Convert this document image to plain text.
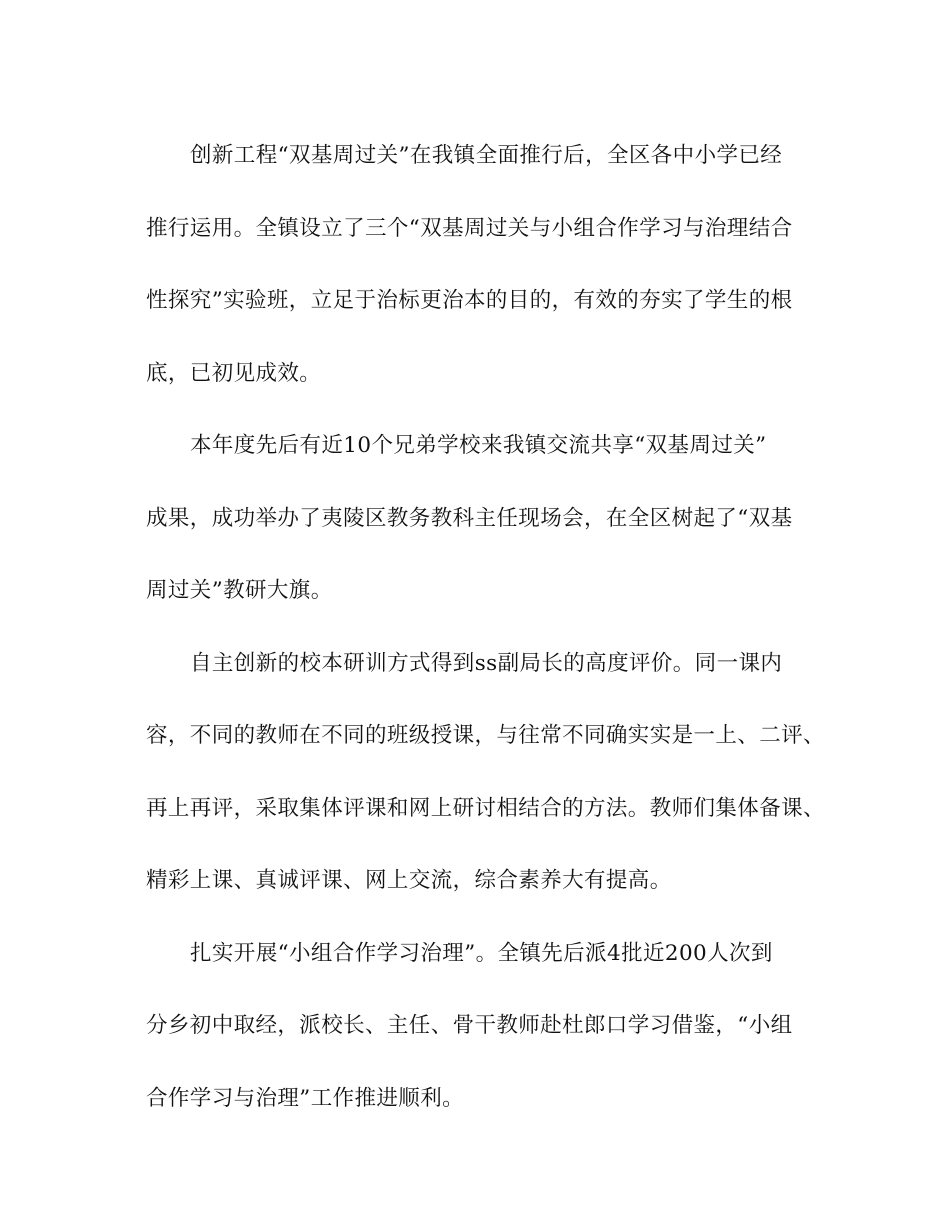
创新工程“双基周过关”在我镇全面推行后，全区各中小学已经
推行运用。全镇设立了三个“双基周过关与小组合作学习与治理结合
性探究”实验班，立足于治标更治本的目的，有效的夯实了学生的根
底，已初见成效。
本年度先后有近10个兄弟学校来我镇交流共享“双基周过关”
成果，成功举办了夷陵区教务教科主任现场会，在全区树起了“双基
周过关”教研大旗。
自主创新的校本研训方式得到ss副局长的高度评价。同一课内
容，不同的教师在不同的班级授课，与往常不同确实实是一上、二评、
再上再评，采取集体评课和网上研讨相结合的方法。教师们集体备课、
精彩上课、真诚评课、网上交流，综合素养大有提高。
扎实开展“小组合作学习治理”。全镇先后派4批近200人次到
分乡初中取经，派校长、主任、骨干教师赴杜郎口学习借鉴，“小组
合作学习与治理”工作推进顺利。
